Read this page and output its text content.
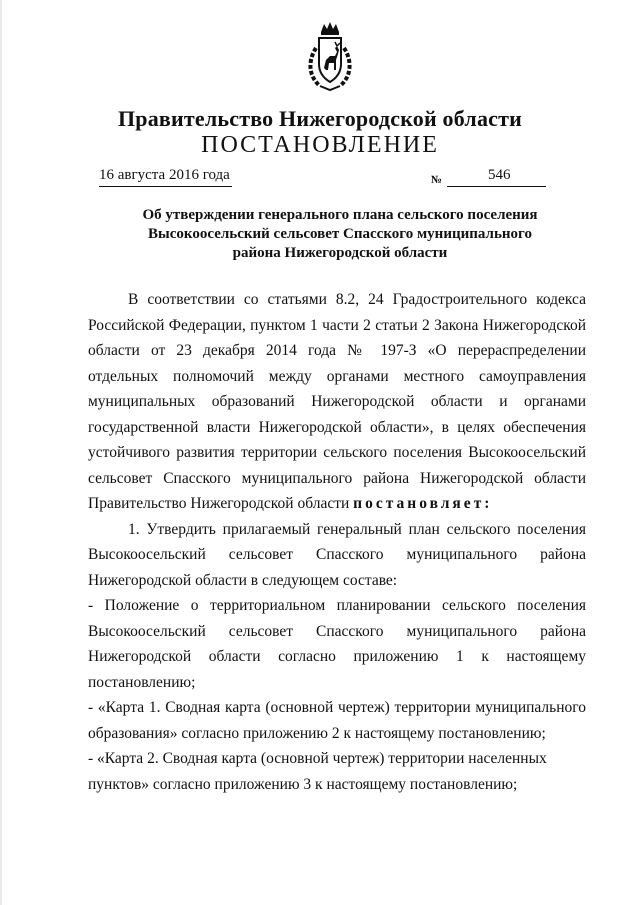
Правительство Нижегородской области
ПОСТАНОВЛЕНИЕ
16 августа 2016 года	№	546
Об утверждении генерального плана сельского поселения
Высокоосельский сельсовет Спасского муниципального
района Нижегородской области
В соответствии со статьями 8.2, 24 Градостроительного кодекса Российской Федерации, пунктом 1 части 2 статьи 2 Закона Нижегородской области от 23 декабря 2014 года № 197-З «О перераспределении отдельных полномочий между органами местного самоуправления муниципальных образований Нижегородской области и органами государственной власти Нижегородской области», в целях обеспечения устойчивого развития территории сельского поселения Высокоосельский сельсовет Спасского муниципального района Нижегородской области Правительство Нижегородской области постановляет:
1. Утвердить прилагаемый генеральный план сельского поселения Высокоосельский сельсовет Спасского муниципального района Нижегородской области в следующем составе:
- Положение о территориальном планировании сельского поселения Высокоосельский сельсовет Спасского муниципального района Нижегородской области согласно приложению 1 к настоящему постановлению;
- «Карта 1. Сводная карта (основной чертеж) территории муниципального образования» согласно приложению 2 к настоящему постановлению;
- «Карта 2. Сводная карта (основной чертеж) территории населенных пунктов» согласно приложению 3 к настоящему постановлению;
